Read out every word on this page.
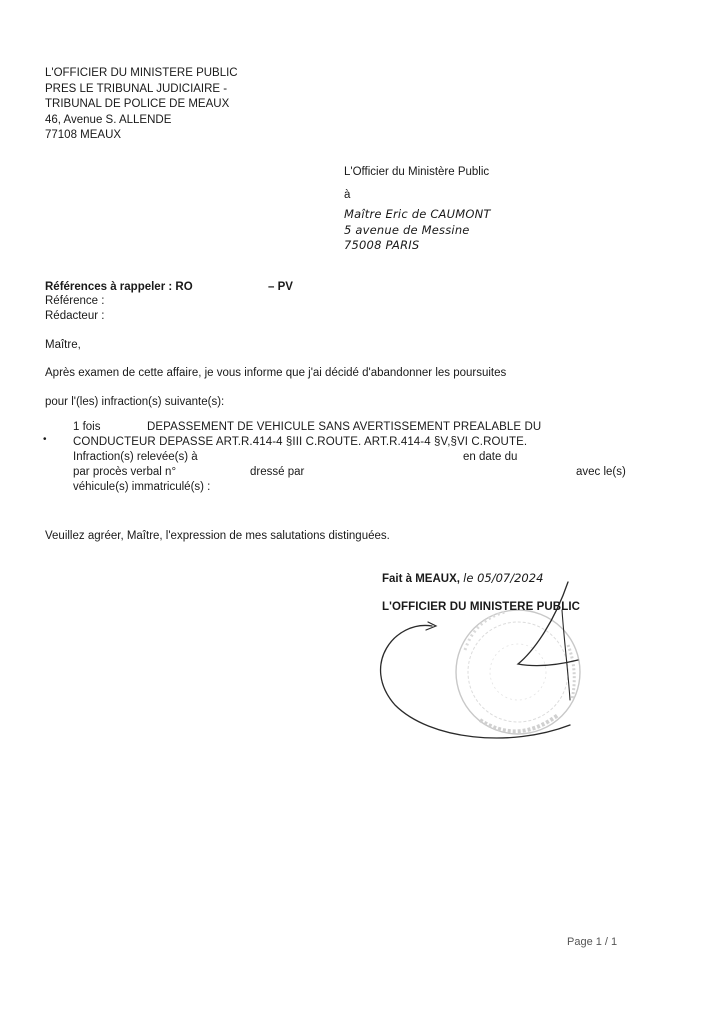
L'OFFICIER DU MINISTERE PUBLIC
PRES LE TRIBUNAL JUDICIAIRE -
TRIBUNAL DE POLICE DE MEAUX
46, Avenue S. ALLENDE
77108 MEAUX
L'Officier du Ministère Public
à
Maître Eric de CAUMONT
5 avenue de Messine
75008 PARIS
Références à rappeler : RO	– PV
Référence :
Rédacteur :
Maître,
Après examen de cette affaire, je vous informe que j'ai décidé d'abandonner les poursuites
pour l'(les) infraction(s) suivante(s):
1 fois	DEPASSEMENT DE VEHICULE SANS AVERTISSEMENT PREALABLE DU
• CONDUCTEUR DEPASSE ART.R.414-4 §III C.ROUTE. ART.R.414-4 §V,§VI C.ROUTE.
Infraction(s) relevée(s) à	en date du
par procès verbal n°	dressé par	avec le(s)
véhicule(s) immatriculé(s) :
Veuillez agréer, Maître, l'expression de mes salutations distinguées.
Fait à MEAUX, le 05/07/2024
L'OFFICIER DU MINISTERE PUBLIC
Page 1 / 1
